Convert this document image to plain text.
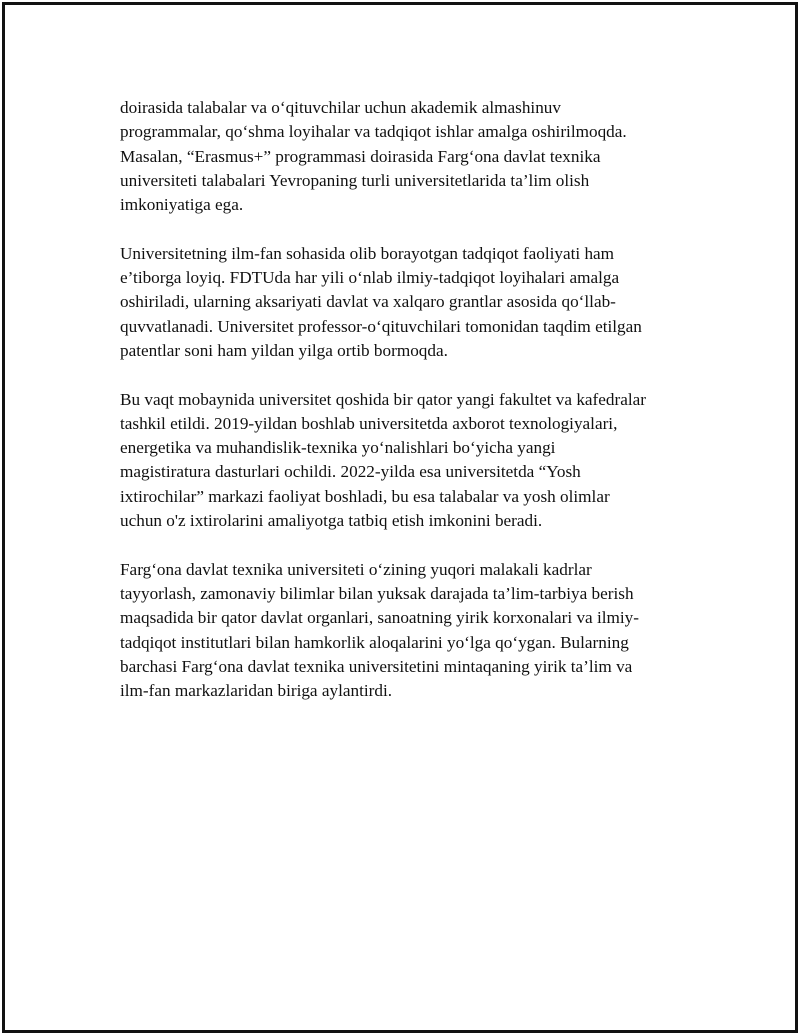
doirasida talabalar va o‘qituvchilar uchun akademik almashinuv
programmalar, qo‘shma loyihalar va tadqiqot ishlar amalga oshirilmoqda.
Masalan, “Erasmus+” programmasi doirasida Farg‘ona davlat texnika
universiteti talabalari Yevropaning turli universitetlarida ta’lim olish
imkoniyatiga ega.

Universitetning ilm-fan sohasida olib borayotgan tadqiqot faoliyati ham
e’tiborga loyiq. FDTUda har yili o‘nlab ilmiy-tadqiqot loyihalari amalga
oshiriladi, ularning aksariyati davlat va xalqaro grantlar asosida qo‘llab-
quvvatlanadi. Universitet professor-o‘qituvchilari tomonidan taqdim etilgan
patentlar soni ham yildan yilga ortib bormoqda.

Bu vaqt mobaynida universitet qoshida bir qator yangi fakultet va kafedralar
tashkil etildi. 2019-yildan boshlab universitetda axborot texnologiyalari,
energetika va muhandislik-texnika yo‘nalishlari bo‘yicha yangi
magistiratura dasturlari ochildi. 2022-yilda esa universitetda “Yosh
ixtirochilar” markazi faoliyat boshladi, bu esa talabalar va yosh olimlar
uchun o'z ixtirolarini amaliyotga tatbiq etish imkonini beradi.

Farg‘ona davlat texnika universiteti o‘zining yuqori malakali kadrlar
tayyorlash, zamonaviy bilimlar bilan yuksak darajada ta’lim-tarbiya berish
maqsadida bir qator davlat organlari, sanoatning yirik korxonalari va ilmiy-
tadqiqot institutlari bilan hamkorlik aloqalarini yo‘lga qo‘ygan. Bularning
barchasi Farg‘ona davlat texnika universitetini mintaqaning yirik ta’lim va
ilm-fan markazlaridan biriga aylantirdi.
